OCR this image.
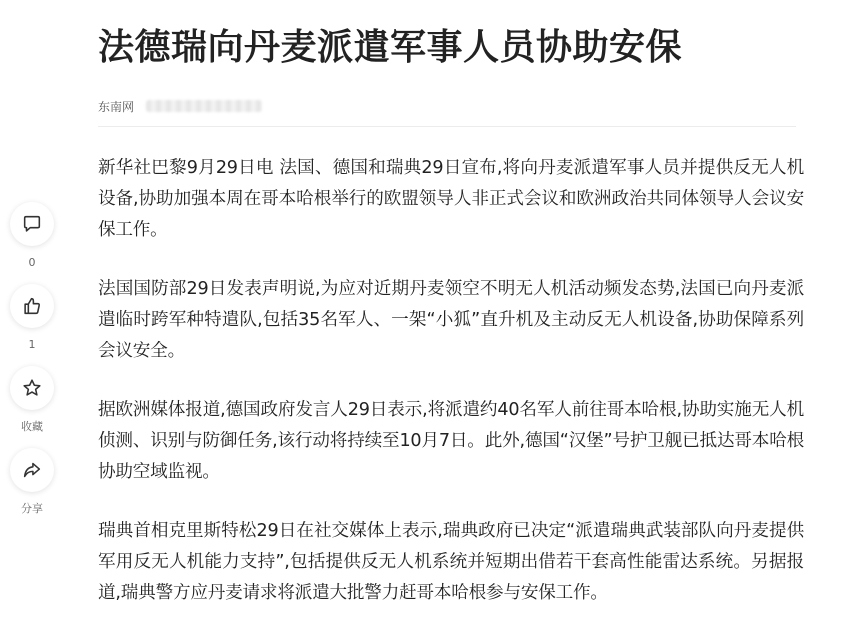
法德瑞向丹麦派遣军事人员协助安保
东南网

新华社巴黎9月29日电 法国、德国和瑞典29日宣布,将向丹麦派遣军事人员并提供反无人机设备,协助加强本周在哥本哈根举行的欧盟领导人非正式会议和欧洲政治共同体领导人会议安保工作。

法国国防部29日发表声明说,为应对近期丹麦领空不明无人机活动频发态势,法国已向丹麦派遣临时跨军种特遣队,包括35名军人、一架“小狐”直升机及主动反无人机设备,协助保障系列会议安全。

据欧洲媒体报道,德国政府发言人29日表示,将派遣约40名军人前往哥本哈根,协助实施无人机侦测、识别与防御任务,该行动将持续至10月7日。此外,德国“汉堡”号护卫舰已抵达哥本哈根协助空域监视。

瑞典首相克里斯特松29日在社交媒体上表示,瑞典政府已决定“派遣瑞典武装部队向丹麦提供军用反无人机能力支持”,包括提供反无人机系统并短期出借若干套高性能雷达系统。另据报道,瑞典警方应丹麦请求将派遣大批警力赶哥本哈根参与安保工作。

0
1
收藏
分享
